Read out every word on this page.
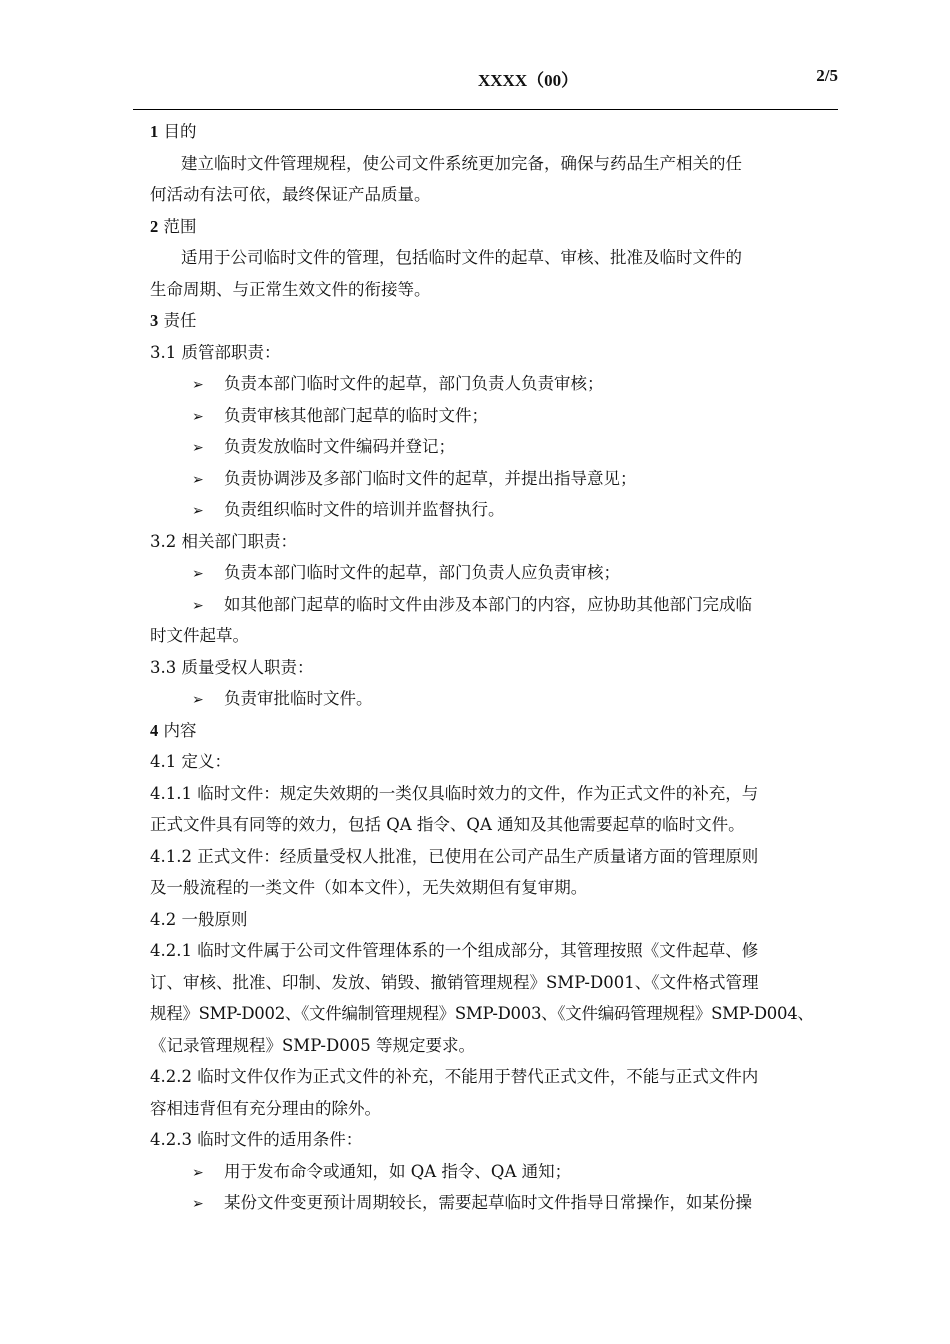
XXXX（00）	2/5
1 目的
建立临时文件管理规程，使公司文件系统更加完备，确保与药品生产相关的任
何活动有法可依，最终保证产品质量。
2 范围
适用于公司临时文件的管理，包括临时文件的起草、审核、批准及临时文件的
生命周期、与正常生效文件的衔接等。
3 责任
3.1 质管部职责：
➢ 负责本部门临时文件的起草，部门负责人负责审核；
➢ 负责审核其他部门起草的临时文件；
➢ 负责发放临时文件编码并登记；
➢ 负责协调涉及多部门临时文件的起草，并提出指导意见；
➢ 负责组织临时文件的培训并监督执行。
3.2 相关部门职责：
➢ 负责本部门临时文件的起草，部门负责人应负责审核；
➢ 如其他部门起草的临时文件由涉及本部门的内容，应协助其他部门完成临
时文件起草。
3.3 质量受权人职责：
➢ 负责审批临时文件。
4 内容
4.1 定义：
4.1.1 临时文件：规定失效期的一类仅具临时效力的文件，作为正式文件的补充，与
正式文件具有同等的效力，包括 QA 指令、QA 通知及其他需要起草的临时文件。
4.1.2 正式文件：经质量受权人批准，已使用在公司产品生产质量诸方面的管理原则
及一般流程的一类文件（如本文件），无失效期但有复审期。
4.2 一般原则
4.2.1 临时文件属于公司文件管理体系的一个组成部分，其管理按照《文件起草、修
订、审核、批准、印制、发放、销毁、撤销管理规程》SMP-D001、《文件格式管理
规程》SMP-D002、《文件编制管理规程》SMP-D003、《文件编码管理规程》SMP-D004、
《记录管理规程》SMP-D005 等规定要求。
4.2.2 临时文件仅作为正式文件的补充，不能用于替代正式文件，不能与正式文件内
容相违背但有充分理由的除外。
4.2.3 临时文件的适用条件：
➢ 用于发布命令或通知，如 QA 指令、QA 通知；
➢ 某份文件变更预计周期较长，需要起草临时文件指导日常操作，如某份操
